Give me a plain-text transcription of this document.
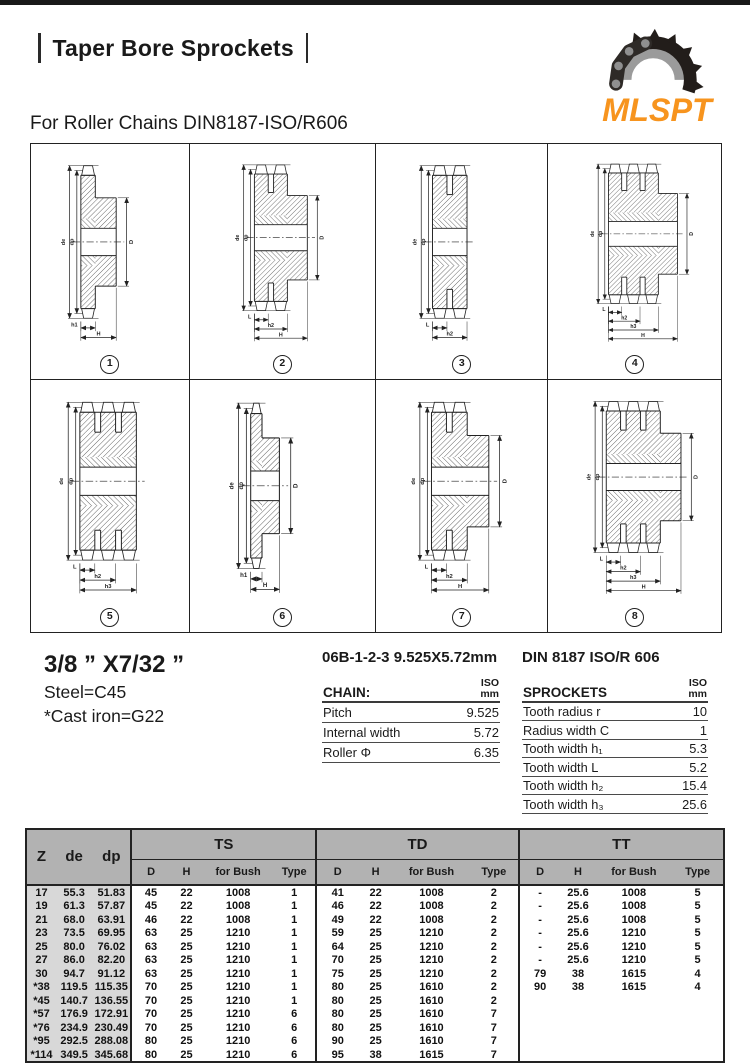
Taper Bore Sprockets
MLSPT
For Roller Chains DIN8187-ISO/R606
de dp	D
h1
H
1
de dp	D
L
h2
H
2
de dp
L
h2
3
de dp	D
L
h2
h3
H
4
de dp
L
h2
h3
5
de dp	D
h1
H
6
de dp	D
L
h2
H
7
de dp	D
L
h2
h3
H
8
3/8 ” X7/32 ”
Steel=C45
*Cast iron=G22
06B-1-2-3 9.525X5.72mm
CHAIN:
ISO
mm
Pitch	9.525
Internal width	5.72
Roller Φ	6.35
DIN 8187 ISO/R 606
SPROCKETS
ISO
mm
Tooth radius r	10
Radius width C	1
Tooth width h₁	5.3
Tooth width L	5.2
Tooth width h₂	15.4
Tooth width h₃	25.6
Z	de	dp	TS				TD				TT			
			D	H	for Bush	Type	D	H	for Bush	Type	D	H	for Bush	Type
17	55.3	51.83	45	22	1008	1	41	22	1008	2	-	25.6	1008	5
19	61.3	57.87	45	22	1008	1	46	22	1008	2	-	25.6	1008	5
21	68.0	63.91	46	22	1008	1	49	22	1008	2	-	25.6	1008	5
23	73.5	69.95	63	25	1210	1	59	25	1210	2	-	25.6	1210	5
25	80.0	76.02	63	25	1210	1	64	25	1210	2	-	25.6	1210	5
27	86.0	82.20	63	25	1210	1	70	25	1210	2	-	25.6	1210	5
30	94.7	91.12	63	25	1210	1	75	25	1210	2	79	38	1615	4
*38	119.5	115.35	70	25	1210	1	80	25	1610	2	90	38	1615	4
*45	140.7	136.55	70	25	1210	1	80	25	1610	2				
*57	176.9	172.91	70	25	1210	6	80	25	1610	7				
*76	234.9	230.49	70	25	1210	6	80	25	1610	7				
*95	292.5	288.08	80	25	1210	6	90	25	1610	7				
*114	349.5	345.68	80	25	1210	6	95	38	1615	7				
